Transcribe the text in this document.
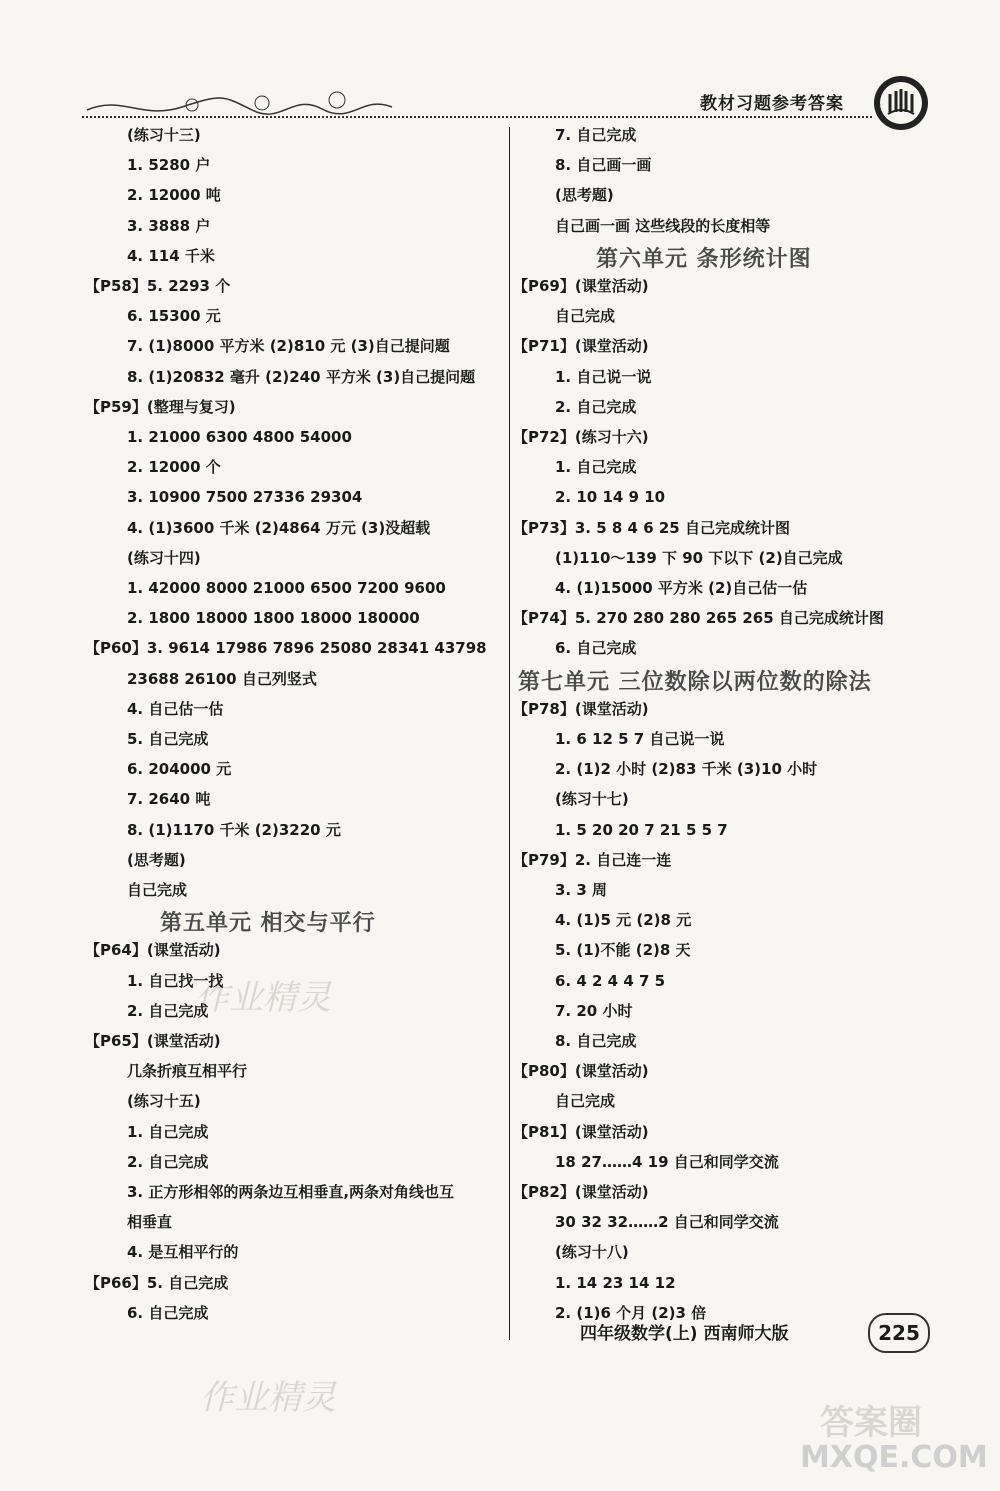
教材习题参考答案
作业精灵
作业精灵
答案圈
MXQE.COM
四年级数学(上) 西南师大版	225
(练习十三)
1. 5280 户
2. 12000 吨
3. 3888 户
4. 114 千米
【P58】5. 2293 个
6. 15300 元
7. (1)8000 平方米 (2)810 元 (3)自己提问题
8. (1)20832 毫升 (2)240 平方米 (3)自己提问题
【P59】(整理与复习)
1. 21000 6300 4800 54000
2. 12000 个
3. 10900 7500 27336 29304
4. (1)3600 千米 (2)4864 万元 (3)没超载
(练习十四)
1. 42000 8000 21000 6500 7200 9600
2. 1800 18000 1800 18000 180000
【P60】3. 9614 17986 7896 25080 28341 43798
23688 26100 自己列竖式
4. 自己估一估
5. 自己完成
6. 204000 元
7. 2640 吨
8. (1)1170 千米 (2)3220 元
(思考题)
自己完成
第五单元 相交与平行
【P64】(课堂活动)
1. 自己找一找
2. 自己完成
【P65】(课堂活动)
几条折痕互相平行
(练习十五)
1. 自己完成
2. 自己完成
3. 正方形相邻的两条边互相垂直,两条对角线也互
相垂直
4. 是互相平行的
【P66】5. 自己完成
6. 自己完成
7. 自己完成
8. 自己画一画
(思考题)
自己画一画 这些线段的长度相等
第六单元 条形统计图
【P69】(课堂活动)
自己完成
【P71】(课堂活动)
1. 自己说一说
2. 自己完成
【P72】(练习十六)
1. 自己完成
2. 10 14 9 10
【P73】3. 5 8 4 6 25 自己完成统计图
(1)110～139 下 90 下以下 (2)自己完成
4. (1)15000 平方米 (2)自己估一估
【P74】5. 270 280 280 265 265 自己完成统计图
6. 自己完成
第七单元 三位数除以两位数的除法
【P78】(课堂活动)
1. 6 12 5 7 自己说一说
2. (1)2 小时 (2)83 千米 (3)10 小时
(练习十七)
1. 5 20 20 7 21 5 5 7
【P79】2. 自己连一连
3. 3 周
4. (1)5 元 (2)8 元
5. (1)不能 (2)8 天
6. 4 2 4 4 7 5
7. 20 小时
8. 自己完成
【P80】(课堂活动)
自己完成
【P81】(课堂活动)
18 27……4 19 自己和同学交流
【P82】(课堂活动)
30 32 32……2 自己和同学交流
(练习十八)
1. 14 23 14 12
2. (1)6 个月 (2)3 倍
